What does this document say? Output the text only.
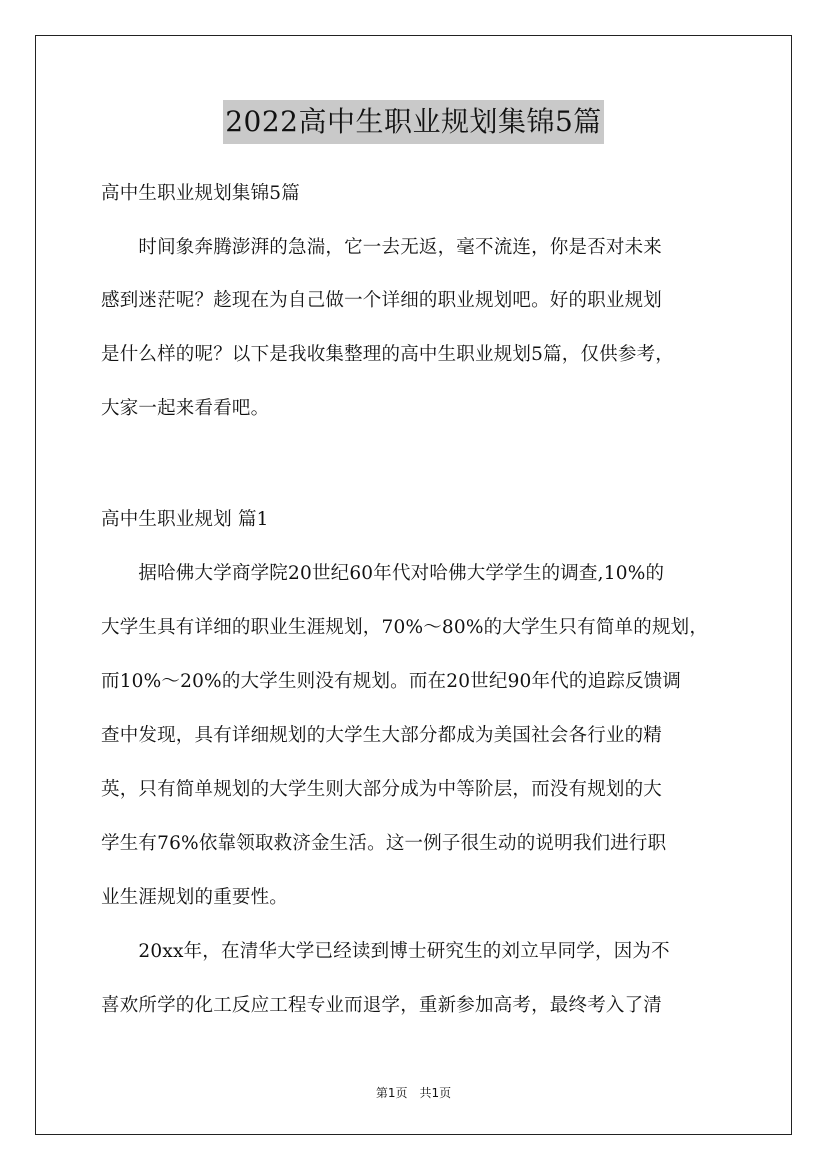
2022高中生职业规划集锦5篇
高中生职业规划集锦5篇
　　时间象奔腾澎湃的急湍，它一去无返，毫不流连，你是否对未来
感到迷茫呢？趁现在为自己做一个详细的职业规划吧。好的职业规划
是什么样的呢？以下是我收集整理的高中生职业规划5篇，仅供参考，
大家一起来看看吧。
高中生职业规划 篇1
　　据哈佛大学商学院20世纪60年代对哈佛大学学生的调查,10%的
大学生具有详细的职业生涯规划，70%～80%的大学生只有简单的规划，
而10%～20%的大学生则没有规划。而在20世纪90年代的追踪反馈调
查中发现，具有详细规划的大学生大部分都成为美国社会各行业的精
英，只有简单规划的大学生则大部分成为中等阶层，而没有规划的大
学生有76%依靠领取救济金生活。这一例子很生动的说明我们进行职
业生涯规划的重要性。
　　20xx年，在清华大学已经读到博士研究生的刘立早同学，因为不
喜欢所学的化工反应工程专业而退学，重新参加高考，最终考入了清
第1页　共1页
